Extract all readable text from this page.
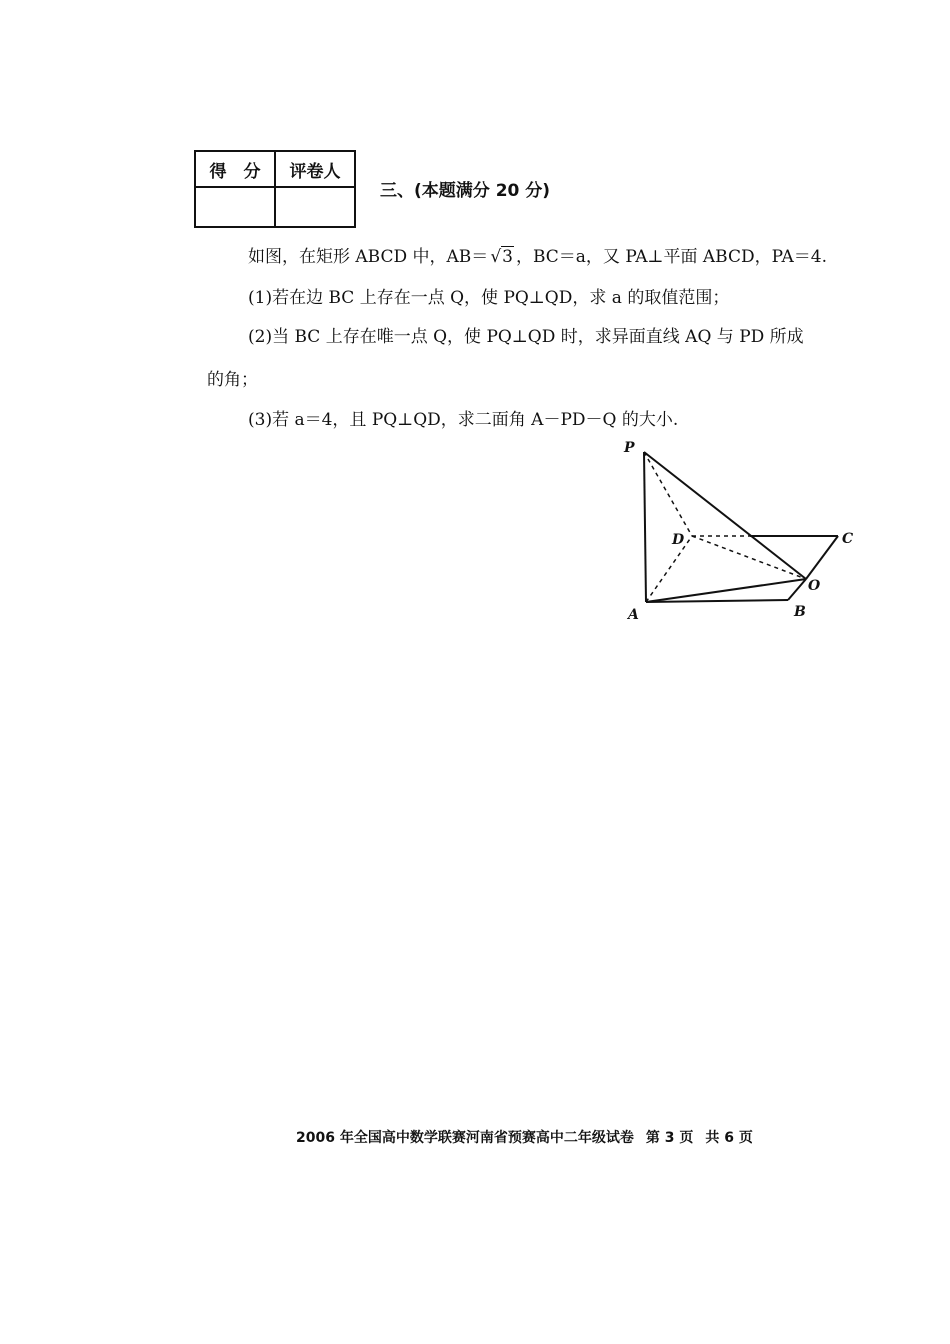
得　分	评卷人

三、(本题满分 20 分)
如图，在矩形 ABCD 中，AB＝ √3 ，BC＝a，又 PA⊥平面 ABCD，PA＝4.
(1)若在边 BC 上存在一点 Q，使 PQ⊥QD，求 a 的取值范围；
(2)当 BC 上存在唯一点 Q，使 PQ⊥QD 时，求异面直线 AQ 与 PD 所成
的角；
(3)若 a＝4，且 PQ⊥QD，求二面角 A－PD－Q 的大小.
P
D	C
O
A	B
2006 年全国高中数学联赛河南省预赛高中二年级试卷 第 3 页 共 6 页
